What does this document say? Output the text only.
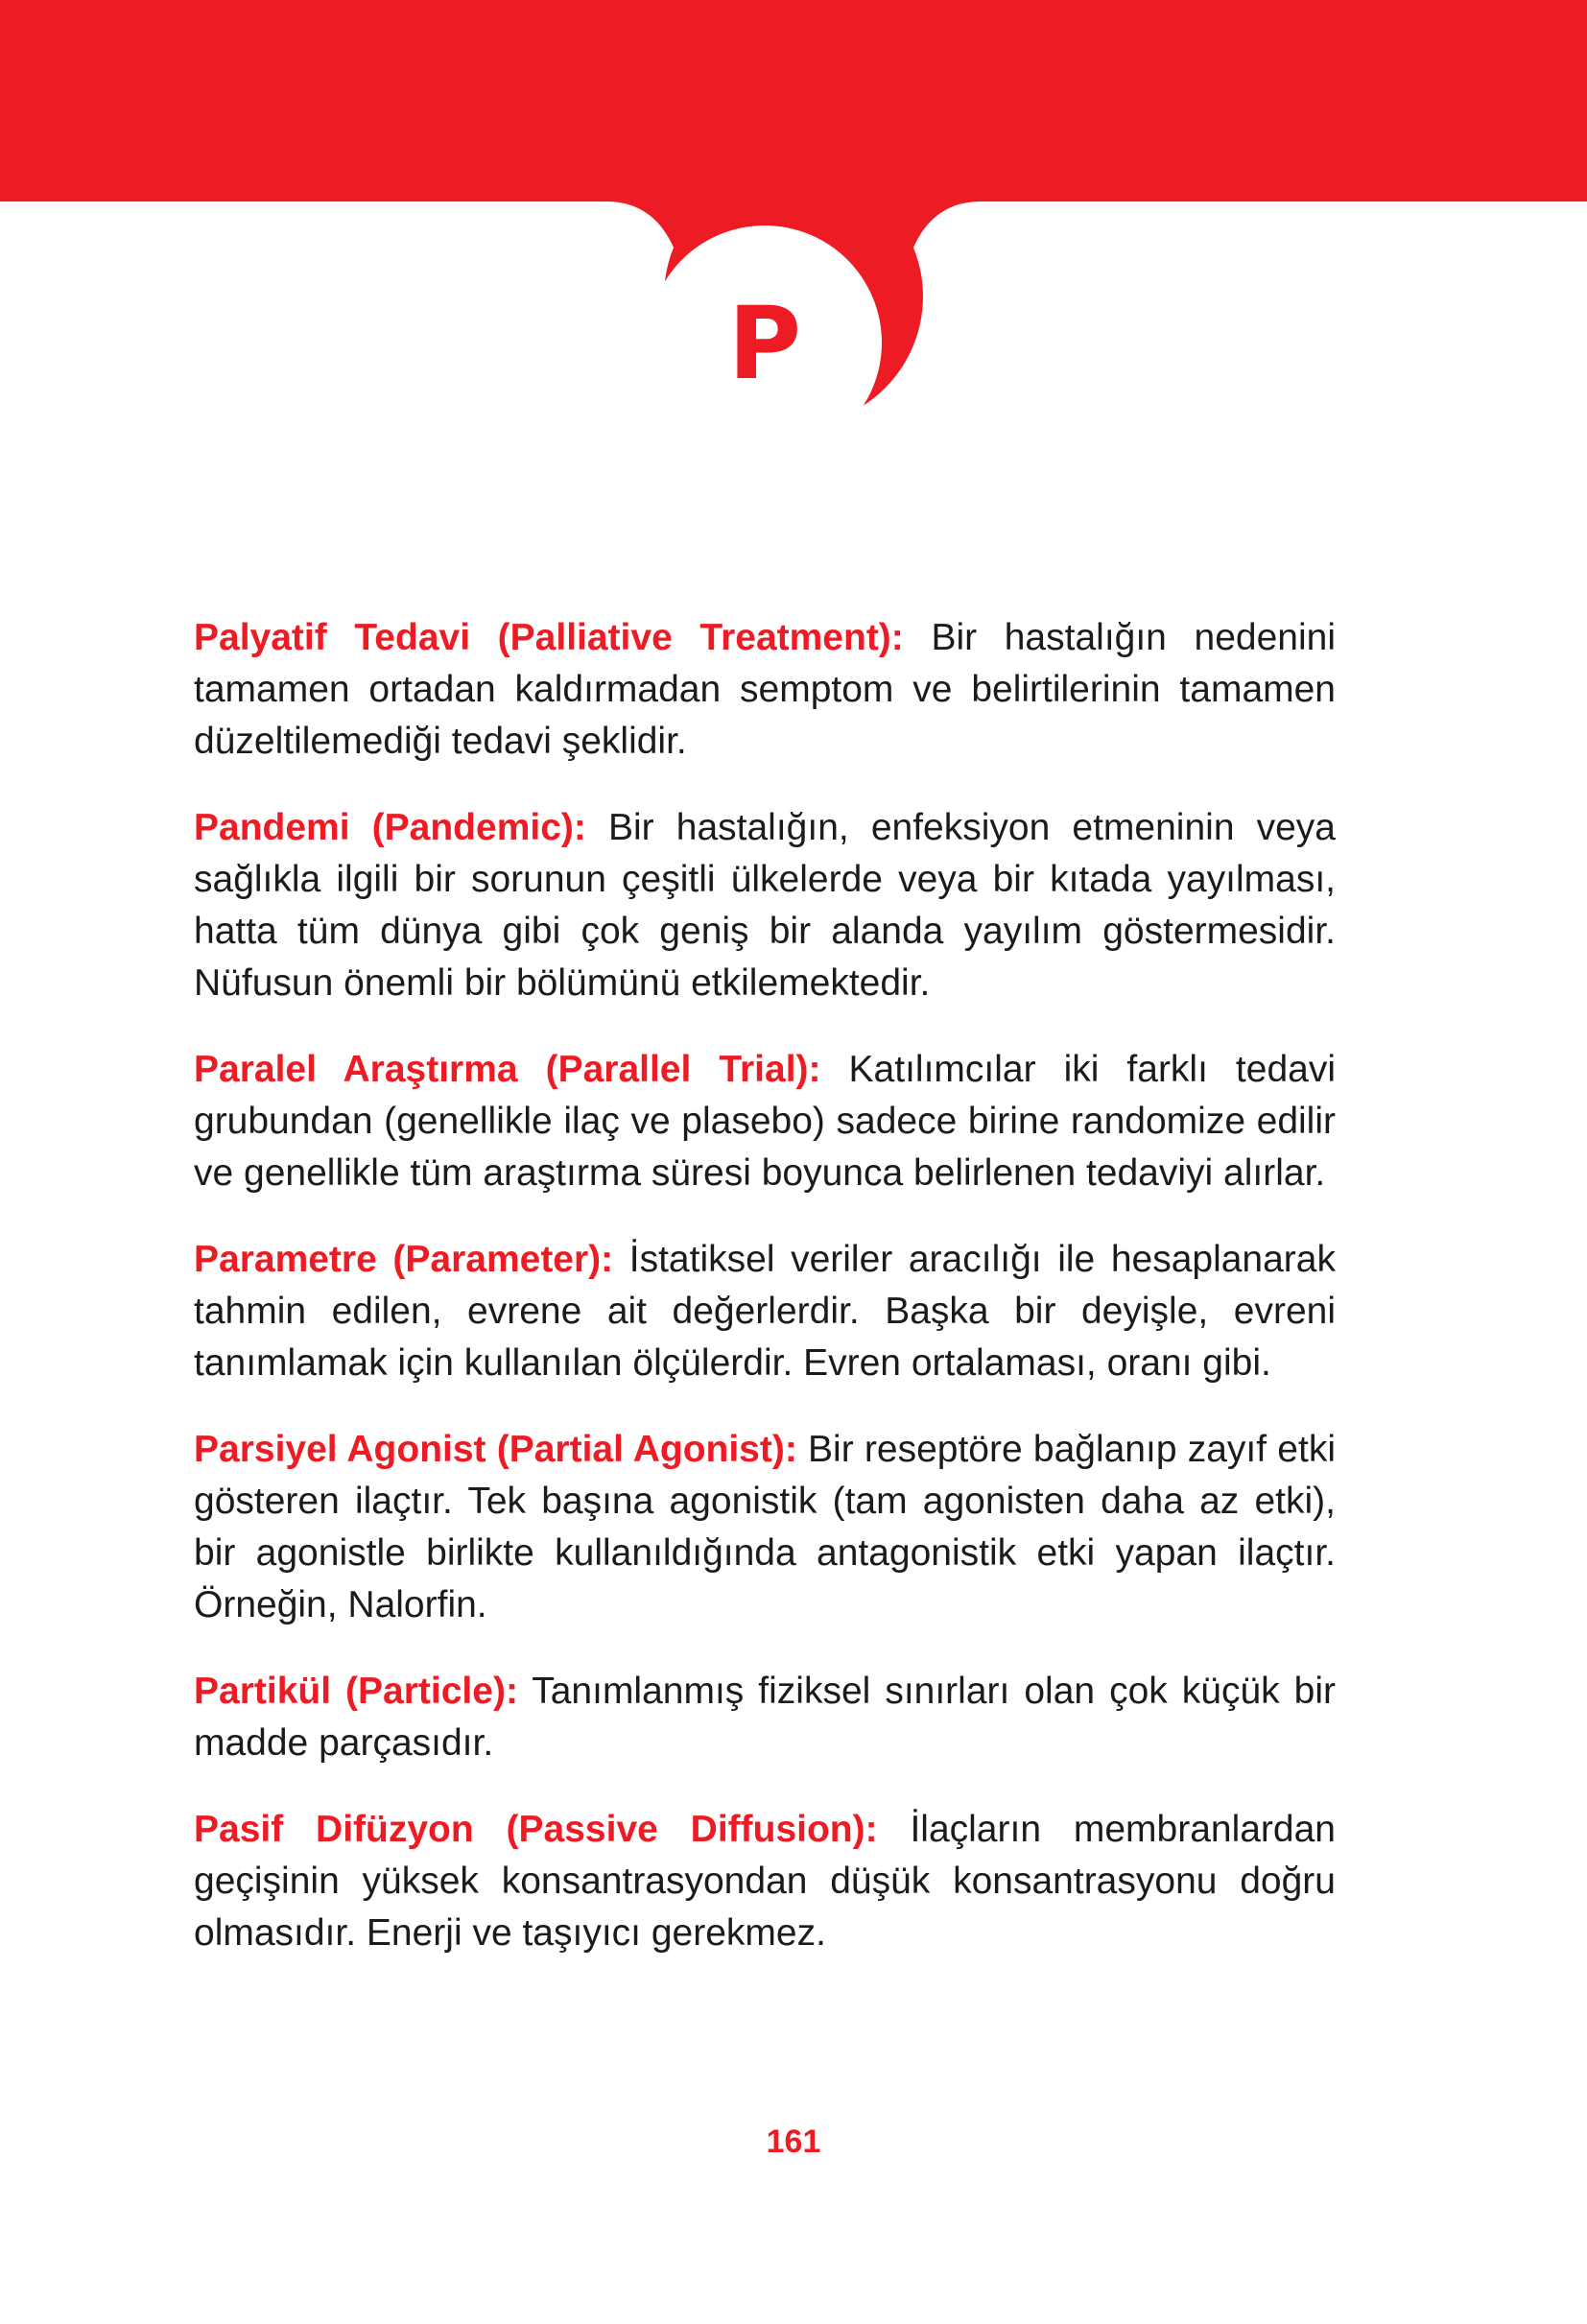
P

Palyatif Tedavi (Palliative Treatment): Bir hastalığın nedenini tamamen ortadan kaldırmadan semptom ve belirtilerinin tamamen düzeltilemediği tedavi şeklidir.

Pandemi (Pandemic): Bir hastalığın, enfeksiyon etmeninin veya sağlıkla ilgili bir sorunun çeşitli ülkelerde veya bir kıtada yayılması, hatta tüm dünya gibi çok geniş bir alanda yayılım göstermesidir. Nüfusun önemli bir bölümünü etkilemektedir.

Paralel Araştırma (Parallel Trial): Katılımcılar iki farklı tedavi grubundan (genellikle ilaç ve plasebo) sadece birine randomize edilir ve genellikle tüm araştırma süresi boyunca belirlenen tedaviyi alırlar.

Parametre (Parameter): İstatiksel veriler aracılığı ile hesaplanarak tahmin edilen, evrene ait değerlerdir. Başka bir deyişle, evreni tanımlamak için kullanılan ölçülerdir. Evren ortalaması, oranı gibi.

Parsiyel Agonist (Partial Agonist): Bir reseptöre bağlanıp zayıf etki gösteren ilaçtır. Tek başına agonistik (tam agonisten daha az etki), bir agonistle birlikte kullanıldığında antagonistik etki yapan ilaçtır. Örneğin, Nalorfin.

Partikül (Particle): Tanımlanmış fiziksel sınırları olan çok küçük bir madde parçasıdır.

Pasif Difüzyon (Passive Diffusion): İlaçların membranlardan geçişinin yüksek konsantrasyondan düşük konsantrasyonu doğru olmasıdır. Enerji ve taşıyıcı gerekmez.

161
